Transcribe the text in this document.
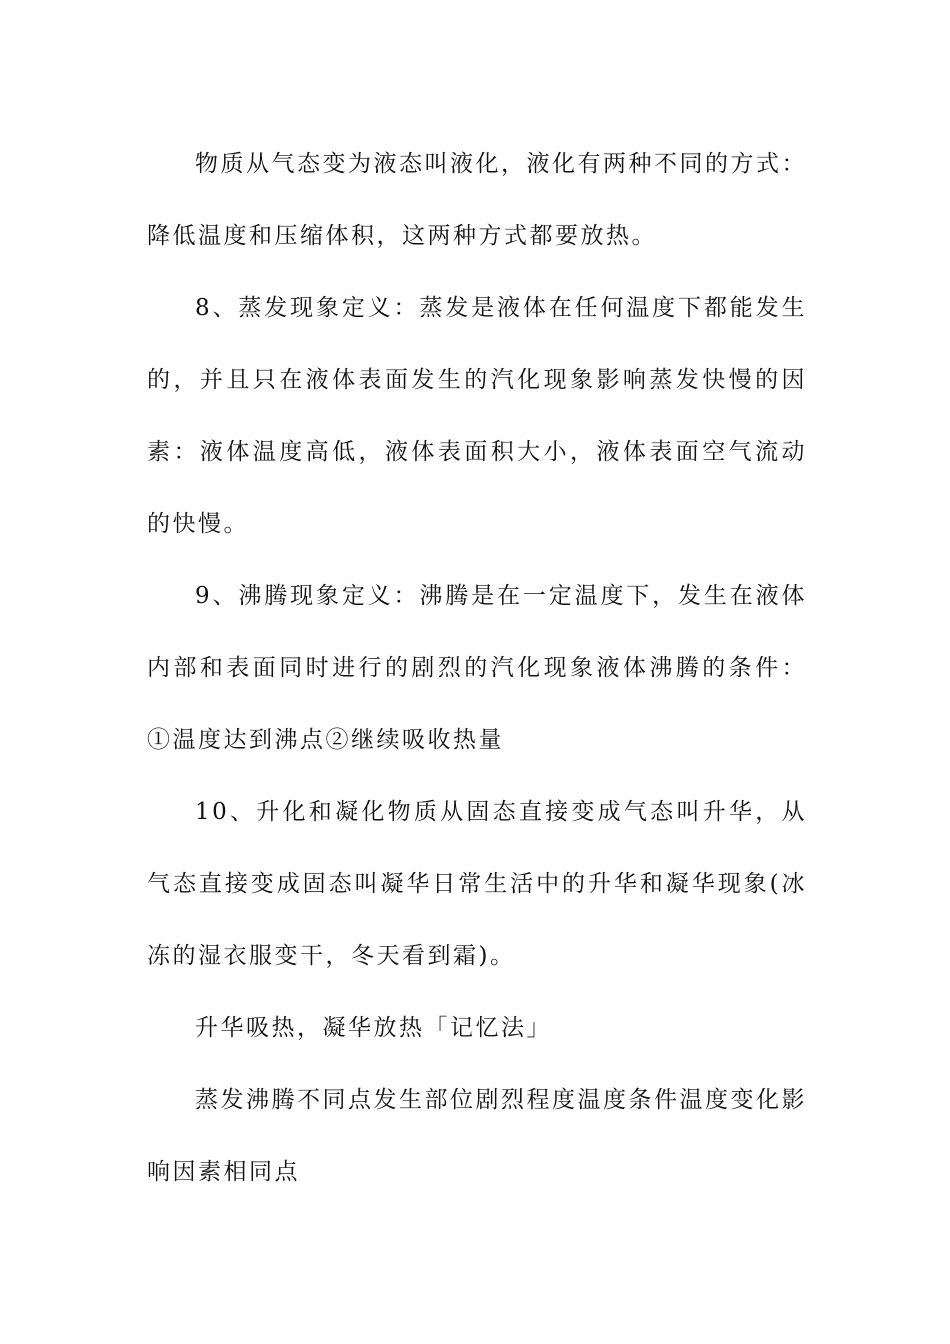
物质从气态变为液态叫液化，液化有两种不同的方式：降低温度和压缩体积，这两种方式都要放热。

8、蒸发现象定义：蒸发是液体在任何温度下都能发生的，并且只在液体表面发生的汽化现象影响蒸发快慢的因素：液体温度高低，液体表面积大小，液体表面空气流动的快慢。

9、沸腾现象定义：沸腾是在一定温度下，发生在液体内部和表面同时进行的剧烈的汽化现象液体沸腾的条件：①温度达到沸点②继续吸收热量

10、升化和凝化物质从固态直接变成气态叫升华，从气态直接变成固态叫凝华日常生活中的升华和凝华现象(冰冻的湿衣服变干，冬天看到霜)。

升华吸热，凝华放热「记忆法」

蒸发沸腾不同点发生部位剧烈程度温度条件温度变化影响因素相同点
